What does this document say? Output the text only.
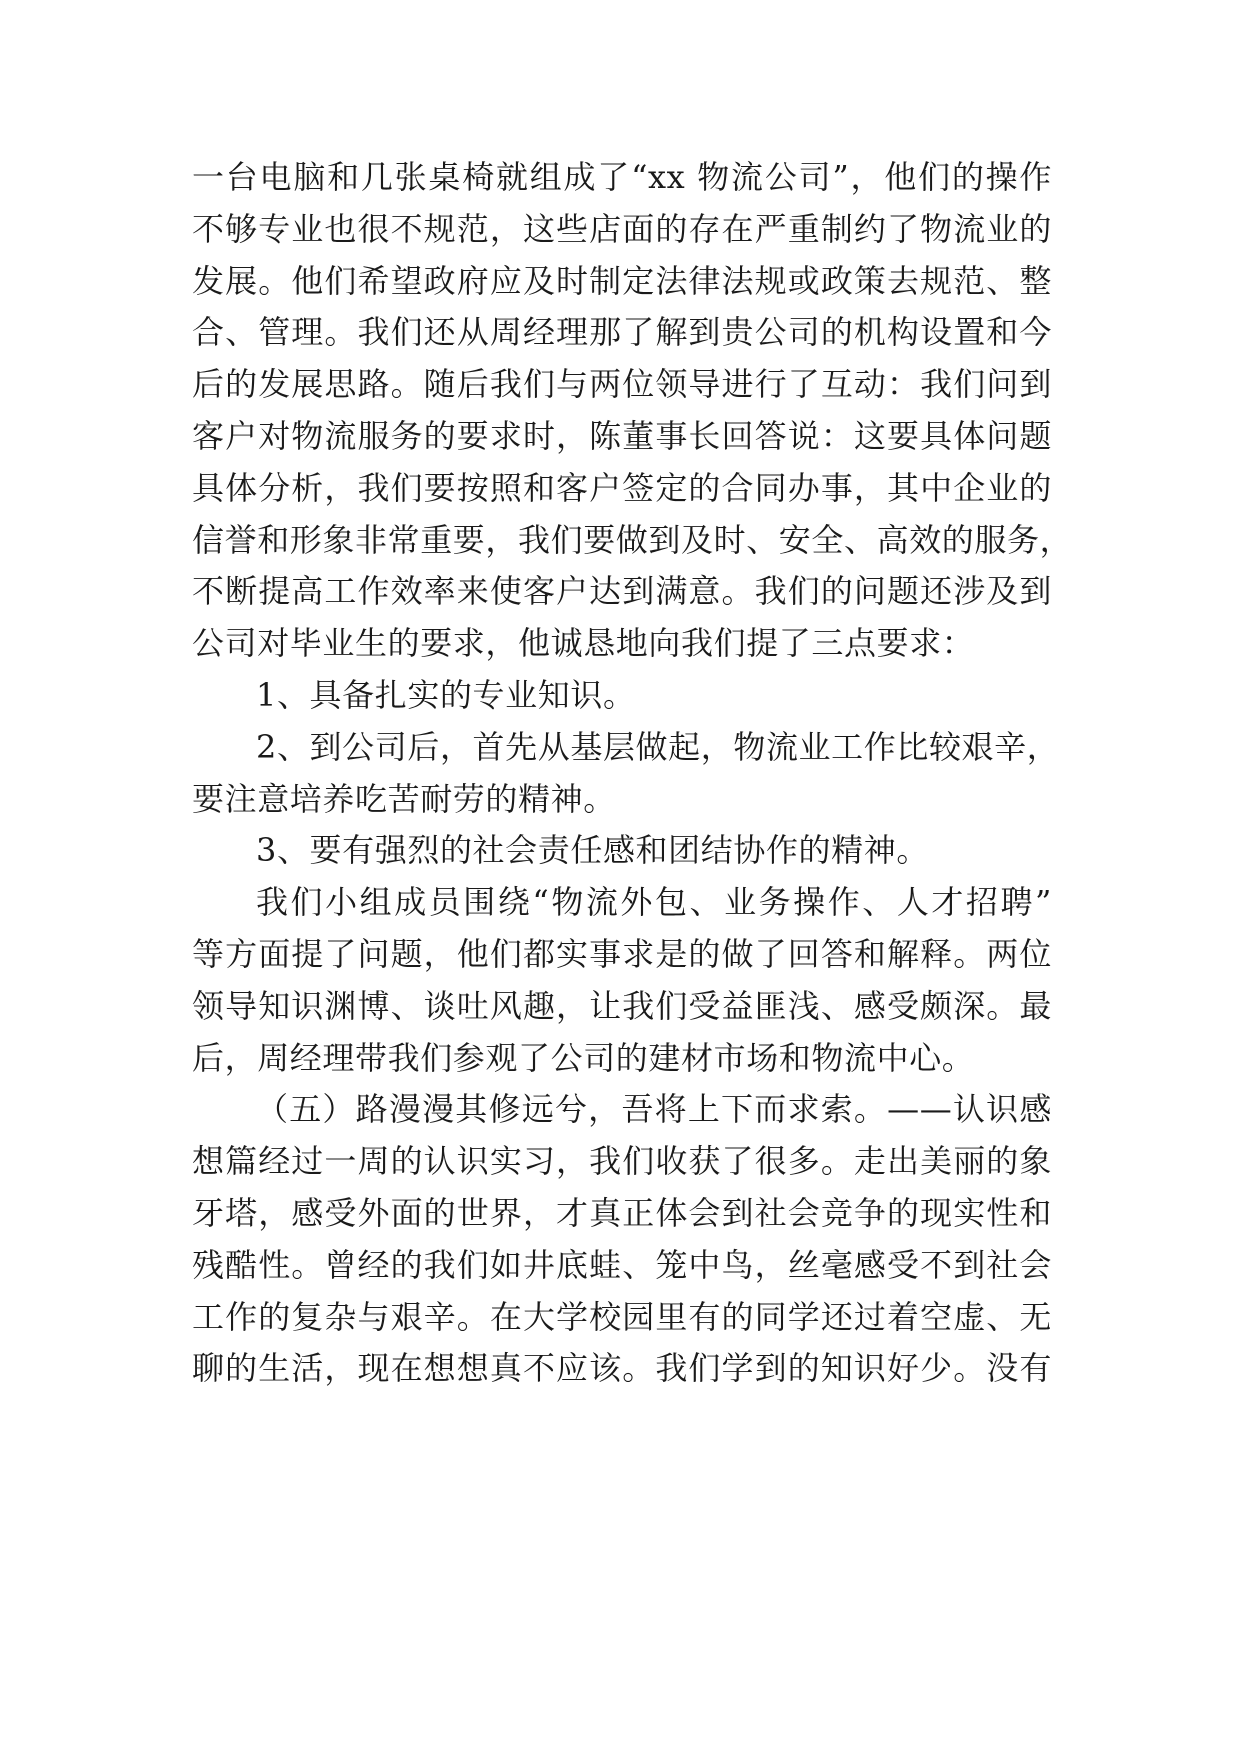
一台电脑和几张桌椅就组成了“xx 物流公司”，他们的操作
不够专业也很不规范，这些店面的存在严重制约了物流业的
发展。他们希望政府应及时制定法律法规或政策去规范、整
合、管理。我们还从周经理那了解到贵公司的机构设置和今
后的发展思路。随后我们与两位领导进行了互动：我们问到
客户对物流服务的要求时，陈董事长回答说：这要具体问题
具体分析，我们要按照和客户签定的合同办事，其中企业的
信誉和形象非常重要，我们要做到及时、安全、高效的服务，
不断提高工作效率来使客户达到满意。我们的问题还涉及到
公司对毕业生的要求，他诚恳地向我们提了三点要求：
1、具备扎实的专业知识。
2、到公司后，首先从基层做起，物流业工作比较艰辛，
要注意培养吃苦耐劳的精神。
3、要有强烈的社会责任感和团结协作的精神。
我们小组成员围绕“物流外包、业务操作、人才招聘”
等方面提了问题，他们都实事求是的做了回答和解释。两位
领导知识渊博、谈吐风趣，让我们受益匪浅、感受颇深。最
后，周经理带我们参观了公司的建材市场和物流中心。
（五）路漫漫其修远兮，吾将上下而求索。——认识感
想篇经过一周的认识实习，我们收获了很多。走出美丽的象
牙塔，感受外面的世界，才真正体会到社会竞争的现实性和
残酷性。曾经的我们如井底蛙、笼中鸟，丝毫感受不到社会
工作的复杂与艰辛。在大学校园里有的同学还过着空虚、无
聊的生活，现在想想真不应该。我们学到的知识好少。没有
